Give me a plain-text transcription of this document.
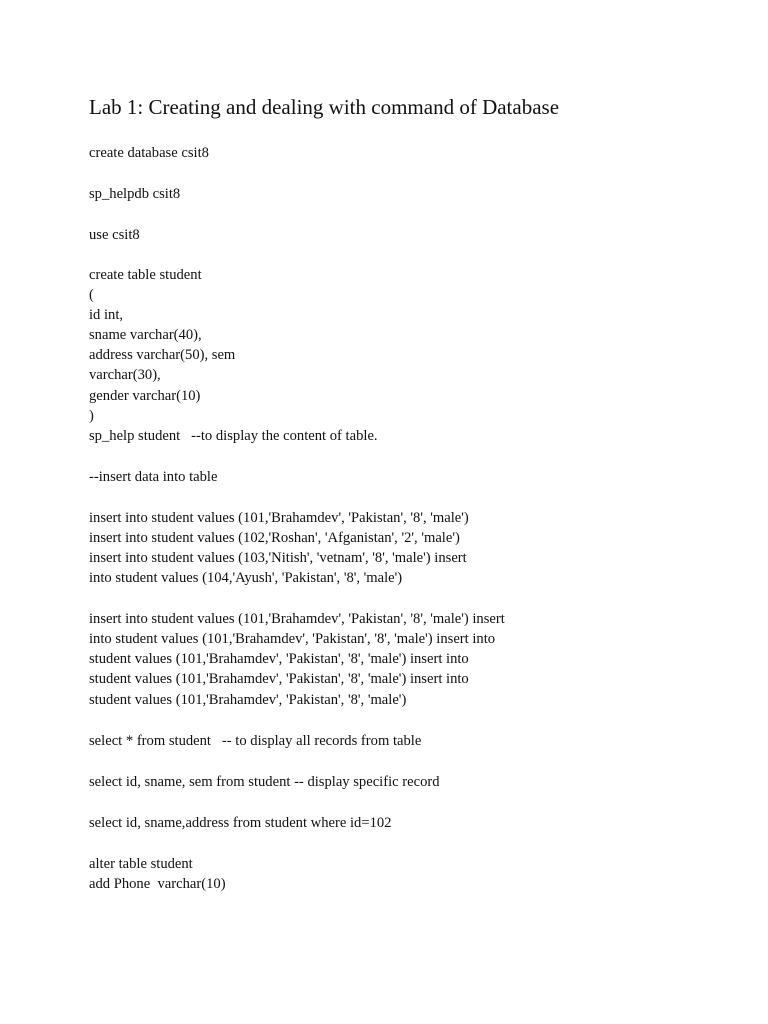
Lab 1: Creating and dealing with command of Database
create database csit8
sp_helpdb csit8
use csit8
create table student
(
id int,
sname varchar(40),
address varchar(50), sem
varchar(30),
gender varchar(10)
)
sp_help student   --to display the content of table.
--insert data into table
insert into student values (101,'Brahamdev', 'Pakistan', '8', 'male')
insert into student values (102,'Roshan', 'Afganistan', '2', 'male')
insert into student values (103,'Nitish', 'vetnam', '8', 'male') insert
into student values (104,'Ayush', 'Pakistan', '8', 'male')
insert into student values (101,'Brahamdev', 'Pakistan', '8', 'male') insert
into student values (101,'Brahamdev', 'Pakistan', '8', 'male') insert into
student values (101,'Brahamdev', 'Pakistan', '8', 'male') insert into
student values (101,'Brahamdev', 'Pakistan', '8', 'male') insert into
student values (101,'Brahamdev', 'Pakistan', '8', 'male')
select * from student   -- to display all records from table
select id, sname, sem from student -- display specific record
select id, sname,address from student where id=102
alter table student
add Phone  varchar(10)
